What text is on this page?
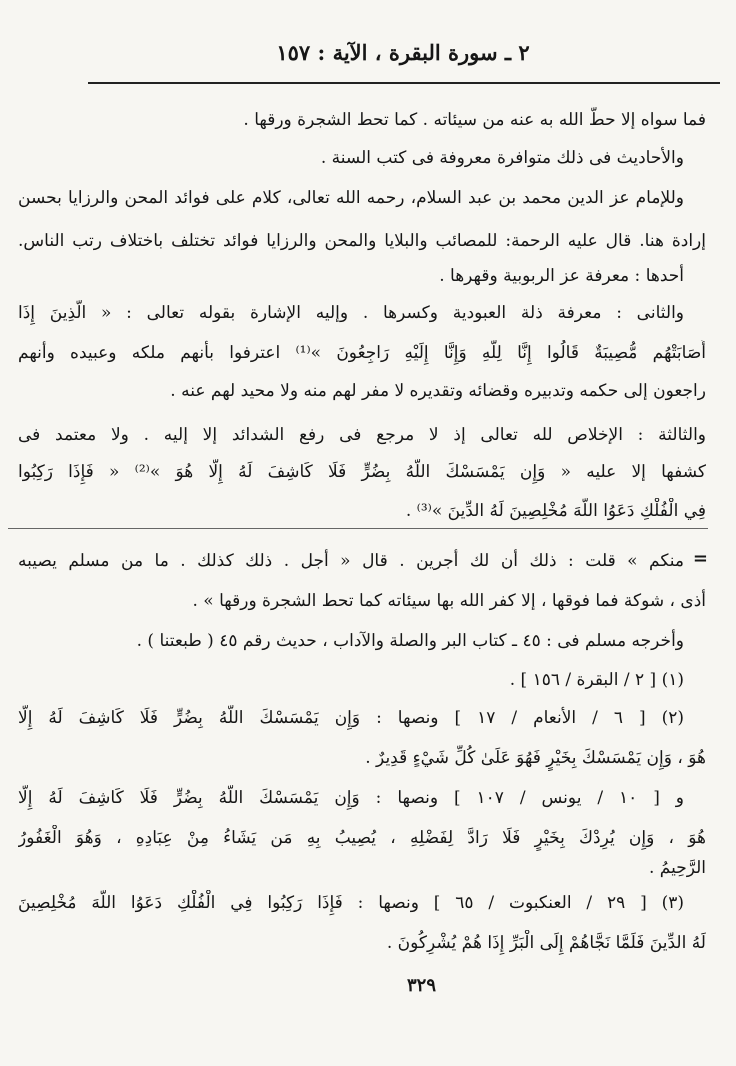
٢ ـ سورة البقرة ، الآية : ١٥٧
فما سواه إلا حطّ الله به عنه من سيئاته . كما تحط الشجرة ورقها .
والأحاديث فى ذلك متوافرة معروفة فى كتب السنة .
وللإمام عز الدين محمد بن عبد السلام، رحمه الله تعالى، كلام على فوائد المحن والرزايا بحسن
إرادة هنا. قال عليه الرحمة: للمصائب والبلايا والمحن والرزايا فوائد تختلف باختلاف رتب الناس.
أحدها : معرفة عز الربوبية وقهرها .
والثانى : معرفة ذلة العبودية وكسرها . وإليه الإشارة بقوله تعالى : « الَّذِينَ إِذَا
أَصَابَتْهُم مُّصِيبَةٌ قَالُوا إِنَّا لِلَّهِ وَإِنَّا إِلَيْهِ رَاجِعُونَ »⁽¹⁾ اعترفوا بأنهم ملكه وعبيده وأنهم
راجعون إلى حكمه وتدبيره وقضائه وتقديره لا مفر لهم منه ولا محيد لهم عنه .
والثالثة : الإخلاص لله تعالى إذ لا مرجع فى رفع الشدائد إلا إليه . ولا معتمد فى
كشفها إلا عليه « وَإِن يَمْسَسْكَ اللَّهُ بِضُرٍّ فَلَا كَاشِفَ لَهُ إِلَّا هُوَ »⁽²⁾ « فَإِذَا رَكِبُوا
فِي الْفُلْكِ دَعَوُا اللَّهَ مُخْلِصِينَ لَهُ الدِّينَ »⁽³⁾ .
=
منكم » قلت : ذلك أن لك أجرين . قال « أجل . ذلك كذلك . ما من مسلم يصيبه
أذى ، شوكة فما فوقها ، إلا كفر الله بها سيئاته كما تحط الشجرة ورقها » .
وأخرجه مسلم فى : ٤٥ ـ كتاب البر والصلة والآداب ، حديث رقم ٤٥ ( طبعتنا ) .
(١) [ ٢ / البقرة / ١٥٦ ] .
(٢) [ ٦ / الأنعام / ١٧ ] ونصها : وَإِن يَمْسَسْكَ اللَّهُ بِضُرٍّ فَلَا كَاشِفَ لَهُ إِلَّا
هُوَ ، وَإِن يَمْسَسْكَ بِخَيْرٍ فَهُوَ عَلَىٰ كُلِّ شَيْءٍ قَدِيرٌ .
و [ ١٠ / يونس / ١٠٧ ] ونصها : وَإِن يَمْسَسْكَ اللَّهُ بِضُرٍّ فَلَا كَاشِفَ لَهُ إِلَّا
هُوَ ، وَإِن يُرِدْكَ بِخَيْرٍ فَلَا رَادَّ لِفَضْلِهِ ، يُصِيبُ بِهِ مَن يَشَاءُ مِنْ عِبَادِهِ ، وَهُوَ الْغَفُورُ
الرَّحِيمُ .
(٣) [ ٢٩ / العنكبوت / ٦٥ ] ونصها : فَإِذَا رَكِبُوا فِي الْفُلْكِ دَعَوُا اللَّهَ مُخْلِصِينَ
لَهُ الدِّينَ فَلَمَّا نَجَّاهُمْ إِلَى الْبَرِّ إِذَا هُمْ يُشْرِكُونَ .
٣٢٩
